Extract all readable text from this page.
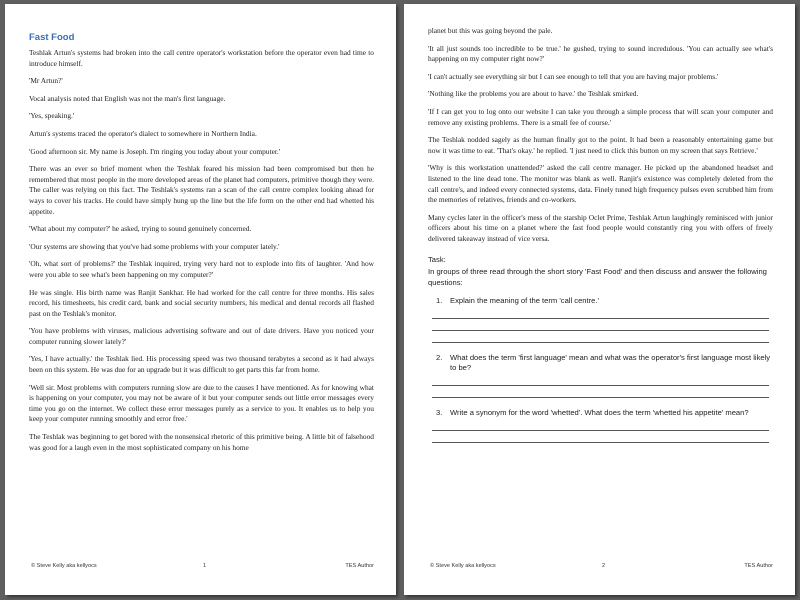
Fast Food

Teshlak Artun's systems had broken into the call centre operator's workstation before the operator even had time to introduce himself.

'Mr Artun?'

Vocal analysis noted that English was not the man's first language.

'Yes, speaking.'

Artun's systems traced the operator's dialect to somewhere in Northern India.

'Good afternoon sir. My name is Joseph. I'm ringing you today about your computer.'

There was an ever so brief moment when the Teshlak feared his mission had been compromised but then he remembered that most people in the more developed areas of the planet had computers, primitive though they were. The caller was relying on this fact. The Teshlak's systems ran a scan of the call centre complex looking ahead for ways to cover his tracks. He could have simply hung up the line but the life form on the other end had whetted his appetite.

'What about my computer?' he asked, trying to sound genuinely concerned.

'Our systems are showing that you've had some problems with your computer lately.'

'Oh, what sort of problems?' the Teshlak inquired, trying very hard not to explode into fits of laughter. 'And how were you able to see what's been happening on my computer?'

He was single. His birth name was Ranjit Sankhar. He had worked for the call centre for three months. His sales record, his timesheets, his credit card, bank and social security numbers, his medical and dental records all flashed past on the Teshlak's monitor.

'You have problems with viruses, malicious advertising software and out of date drivers. Have you noticed your computer running slower lately?'

'Yes, I have actually.' the Teshlak lied. His processing speed was two thousand terabytes a second as it had always been on this system. He was due for an upgrade but it was difficult to get parts this far from home.

'Well sir. Most problems with computers running slow are due to the causes I have mentioned. As for knowing what is happening on your computer, you may not be aware of it but your computer sends out little error messages every time you go on the internet. We collect these error messages purely as a service to you. It enables us to help you keep your computer running smoothly and error free.'

The Teshlak was beginning to get bored with the nonsensical rhetoric of this primitive being. A little bit of falsehood was good for a laugh even in the most sophisticated company on his home

© Steve Kelly aka kellyocs	1	TES Author

planet but this was going beyond the pale.

'It all just sounds too incredible to be true.' he gushed, trying to sound incredulous. 'You can actually see what's happening on my computer right now?'

'I can't actually see everything sir but I can see enough to tell that you are having major problems.'

'Nothing like the problems you are about to have.' the Teshlak smirked.

'If I can get you to log onto our website I can take you through a simple process that will scan your computer and remove any existing problems. There is a small fee of course.'

The Teshlak nodded sagely as the human finally got to the point. It had been a reasonably entertaining game but now it was time to eat. 'That's okay.' he replied. 'I just need to click this button on my screen that says Retrieve.'

'Why is this workstation unattended?' asked the call centre manager. He picked up the abandoned headset and listened to the line dead tone. The monitor was blank as well. Ranjit's existence was completely deleted from the call centre's, and indeed every connected systems, data. Finely tuned high frequency pulses even scrubbed him from the memories of relatives, friends and co-workers.

Many cycles later in the officer's mess of the starship Oclet Prime, Teshlak Artun laughingly reminisced with junior officers about his time on a planet where the fast food people would constantly ring you with offers of freely delivered takeaway instead of vice versa.

Task:
In groups of three read through the short story 'Fast Food' and then discuss and answer the following questions:
1.	Explain the meaning of the term 'call centre.'
2.	What does the term 'first language' mean and what was the operator's first language most likely to be?
3.	Write a synonym for the word 'whetted'. What does the term 'whetted his appetite' mean?
© Steve Kelly aka kellyocs	2	TES Author
